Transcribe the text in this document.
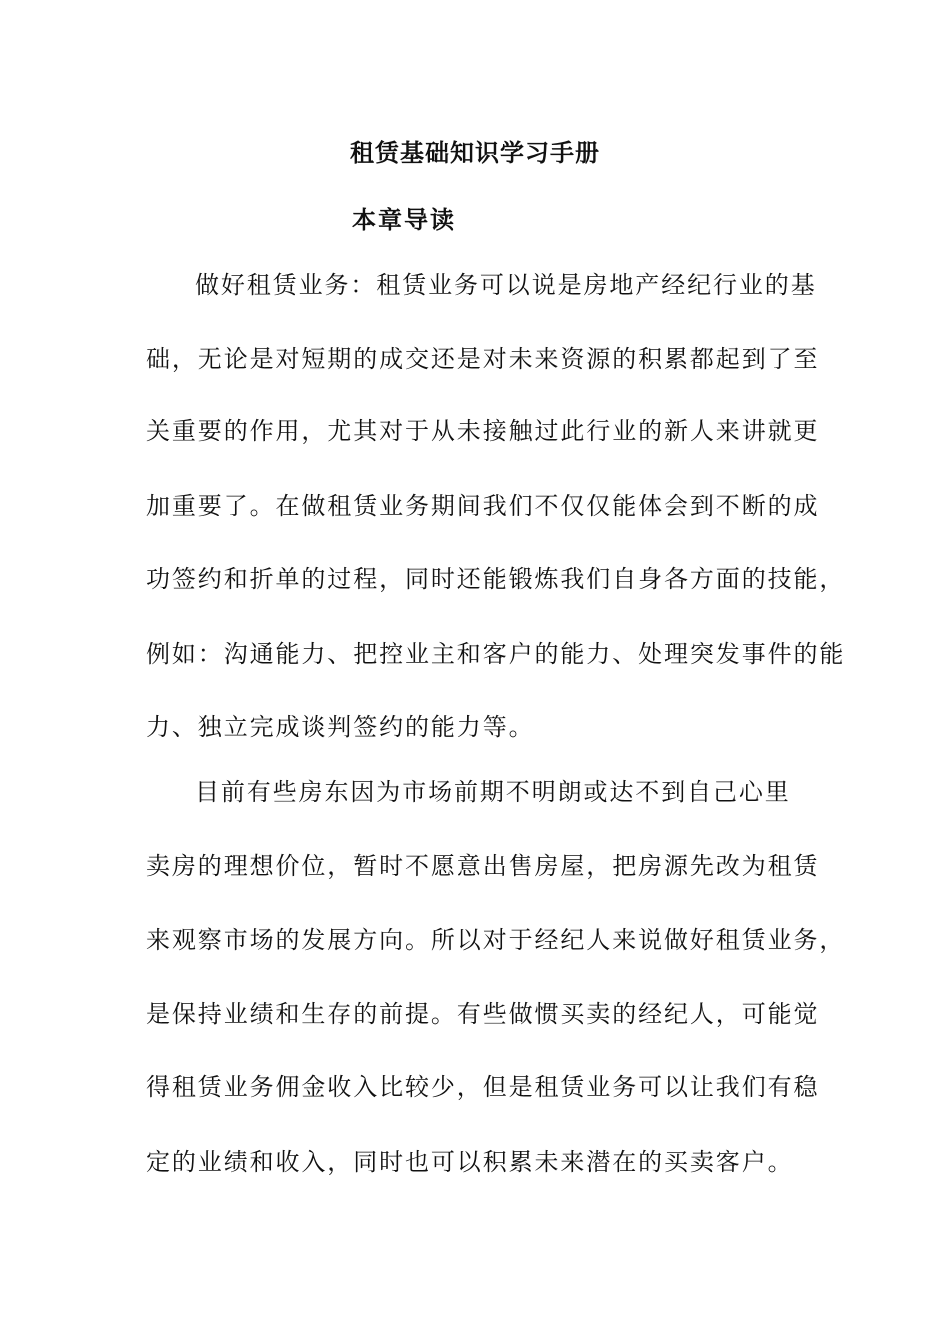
租赁基础知识学习手册
本章导读
做好租赁业务：租赁业务可以说是房地产经纪行业的基
础，无论是对短期的成交还是对未来资源的积累都起到了至
关重要的作用，尤其对于从未接触过此行业的新人来讲就更
加重要了。在做租赁业务期间我们不仅仅能体会到不断的成
功签约和折单的过程，同时还能锻炼我们自身各方面的技能，
例如：沟通能力、把控业主和客户的能力、处理突发事件的能
力、独立完成谈判签约的能力等。
目前有些房东因为市场前期不明朗或达不到自己心里
卖房的理想价位，暂时不愿意出售房屋，把房源先改为租赁
来观察市场的发展方向。所以对于经纪人来说做好租赁业务，
是保持业绩和生存的前提。有些做惯买卖的经纪人，可能觉
得租赁业务佣金收入比较少，但是租赁业务可以让我们有稳
定的业绩和收入，同时也可以积累未来潜在的买卖客户。
